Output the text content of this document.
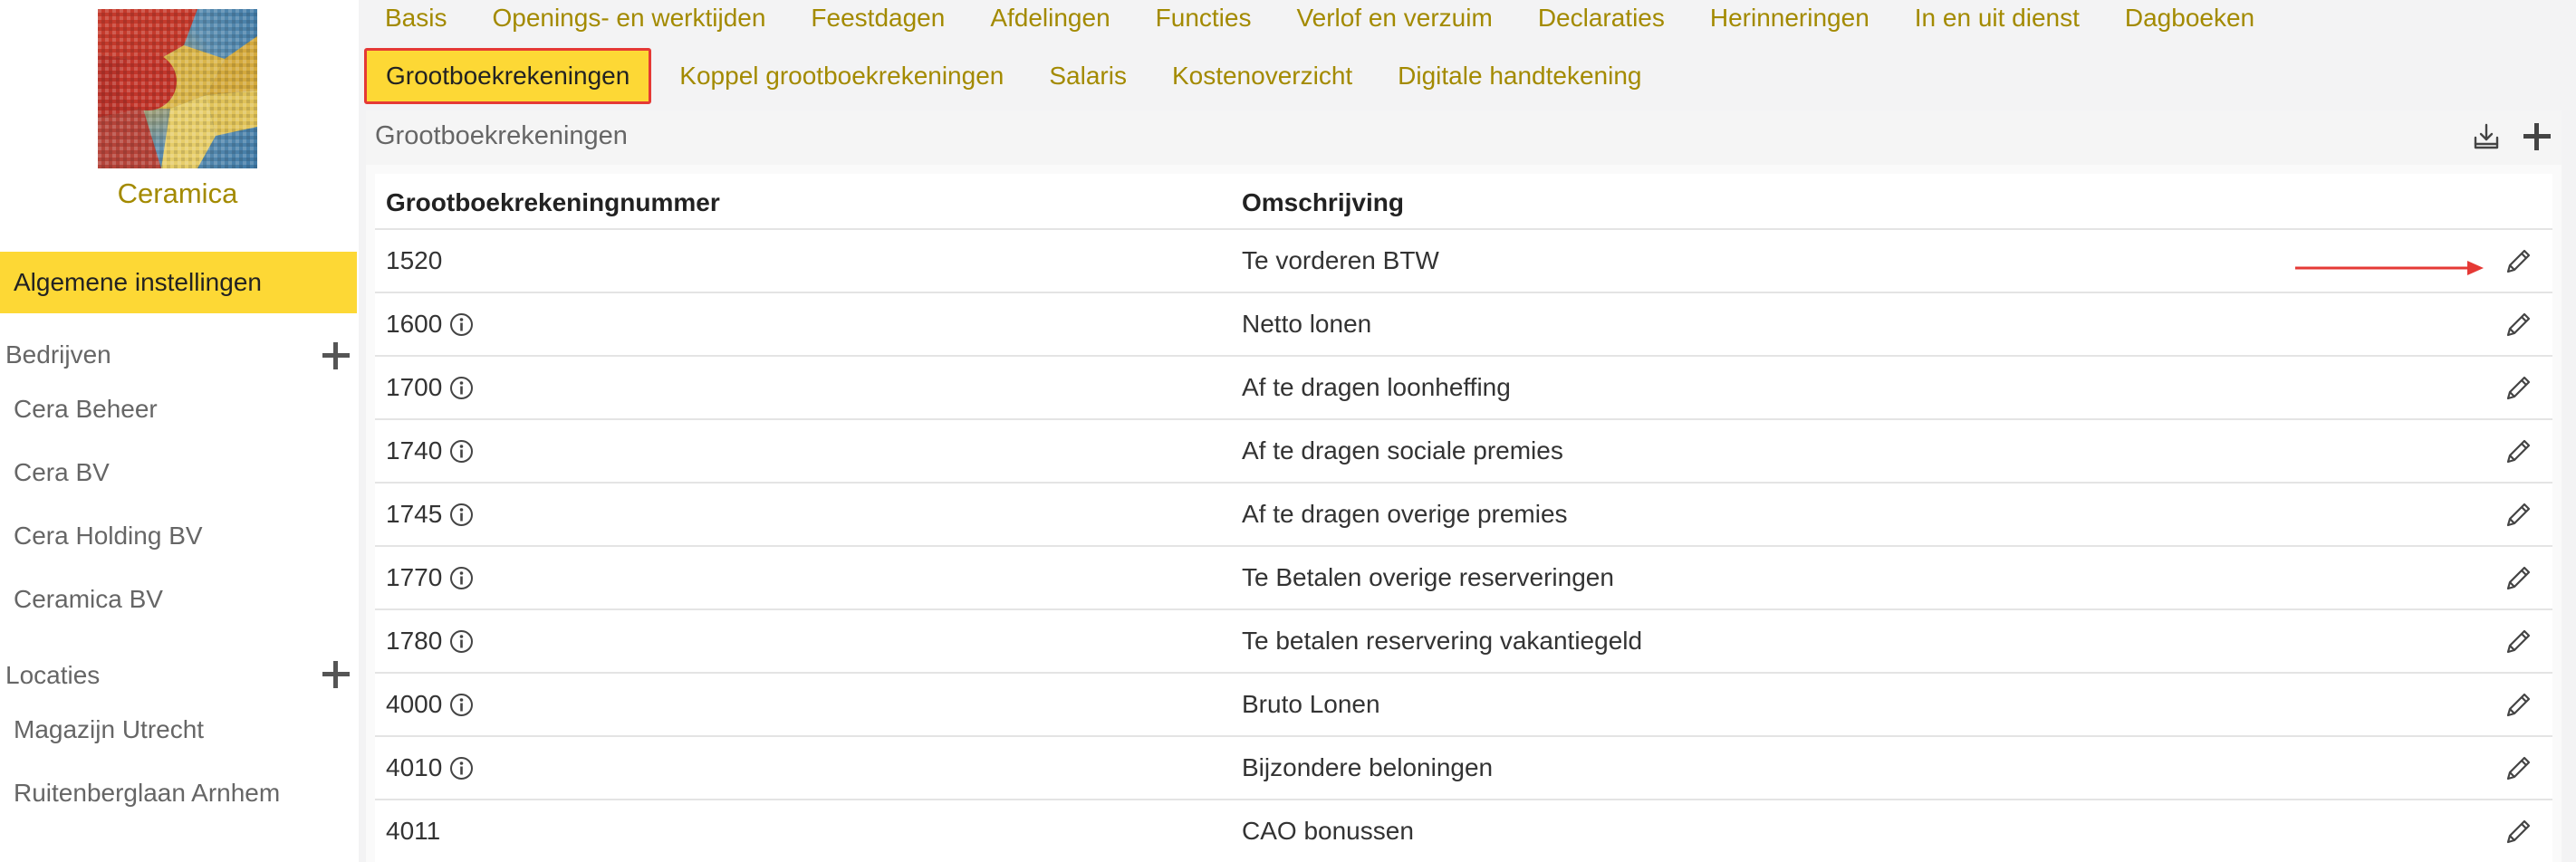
Ceramica
Algemene instellingen
Bedrijven
Cera Beheer
Cera BV
Cera Holding BV
Ceramica BV
Locaties
Magazijn Utrecht
Ruitenberglaan Arnhem
Basis	Openings- en werktijden	Feestdagen	Afdelingen	Functies	Verlof en verzuim	Declaraties	Herinneringen	In en uit dienst	Dagboeken
Grootboekrekeningen	Koppel grootboekrekeningen	Salaris	Kostenoverzicht	Digitale handtekening
Grootboekrekeningen
Grootboekrekeningnummer	Omschrijving
1520	Te vorderen BTW
1600	Netto lonen
1700	Af te dragen loonheffing
1740	Af te dragen sociale premies
1745	Af te dragen overige premies
1770	Te Betalen overige reserveringen
1780	Te betalen reservering vakantiegeld
4000	Bruto Lonen
4010	Bijzondere beloningen
4011	CAO bonussen
